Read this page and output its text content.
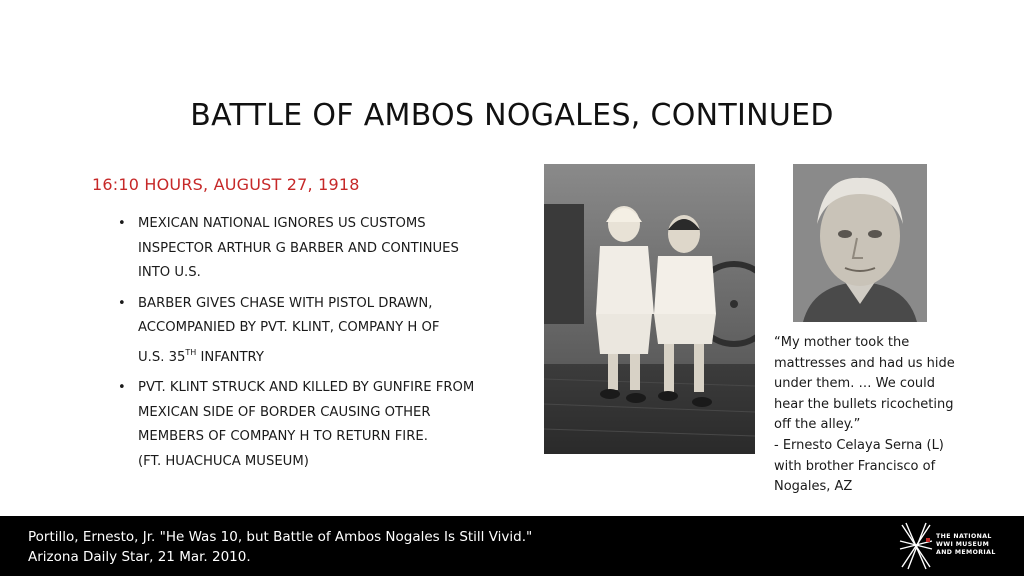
BATTLE OF AMBOS NOGALES, CONTINUED
16:10 HOURS, AUGUST 27, 1918
• MEXICAN NATIONAL IGNORES US CUSTOMS
INSPECTOR ARTHUR G BARBER AND CONTINUES
INTO U.S.
• BARBER GIVES CHASE WITH PISTOL DRAWN,
ACCOMPANIED BY PVT. KLINT, COMPANY H OF
U.S. 35TH INFANTRY
• PVT. KLINT STRUCK AND KILLED BY GUNFIRE FROM
MEXICAN SIDE OF BORDER CAUSING OTHER
MEMBERS OF COMPANY H TO RETURN FIRE.
(FT. HUACHUCA MUSEUM)
“My mother took the
mattresses and had us hide
under them. … We could
hear the bullets ricocheting
off the alley.”
- Ernesto Celaya Serna (L)
with brother Francisco of
Nogales, AZ
Portillo, Ernesto, Jr. "He Was 10, but Battle of Ambos Nogales Is Still Vivid."
Arizona Daily Star, 21 Mar. 2010.
THE NATIONAL
WWI MUSEUM
AND MEMORIAL
